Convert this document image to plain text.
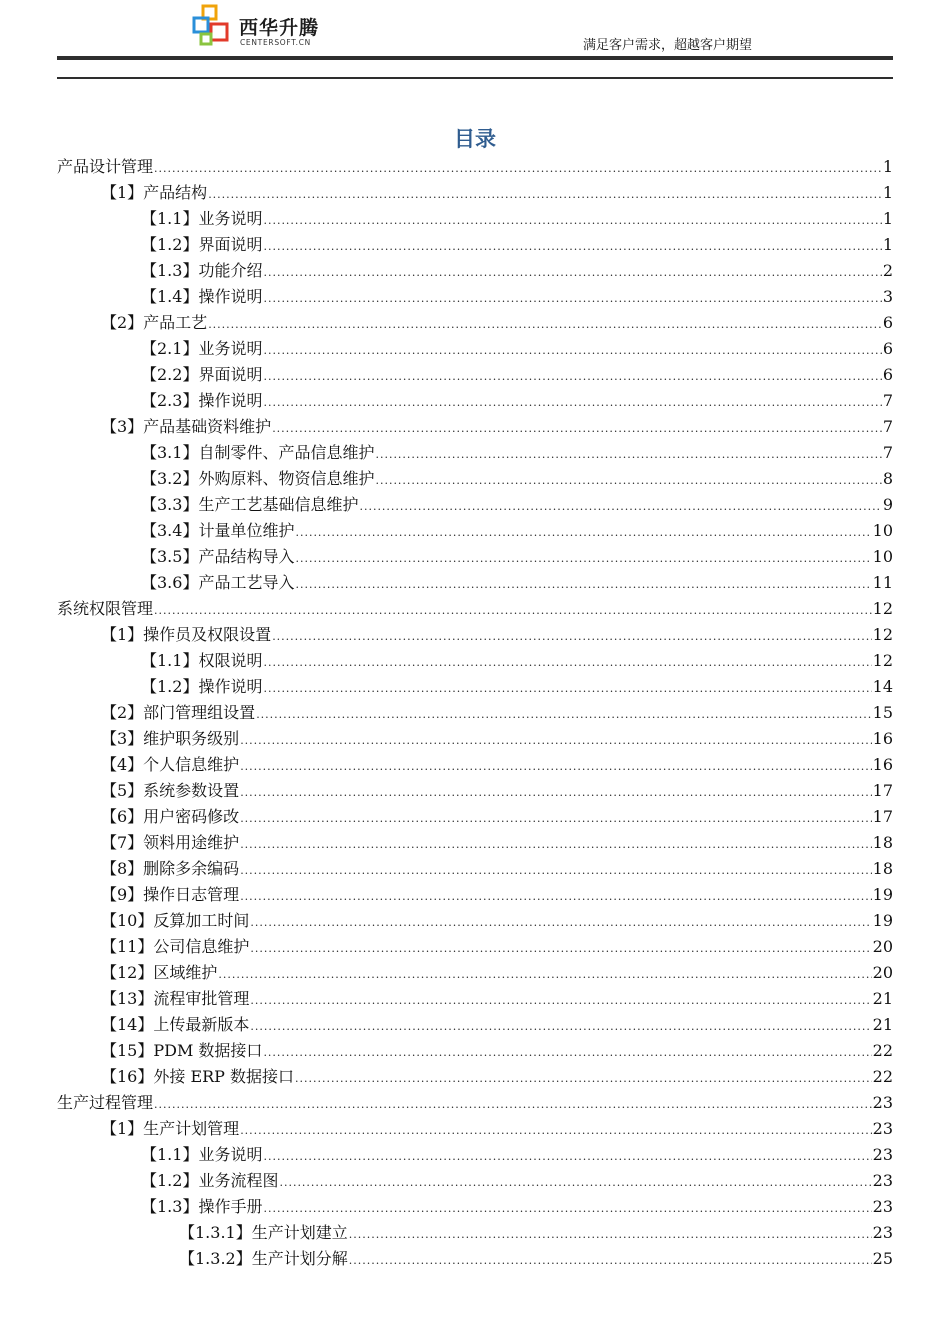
西华升腾
CENTERSOFT.CN	满足客户需求，超越客户期望
目录
产品设计管理 .....	1
【1】产品结构 .....	1
【1.1】业务说明 .....	1
【1.2】界面说明 .....	1
【1.3】功能介绍 .....	2
【1.4】操作说明 .....	3
【2】产品工艺 .....	6
【2.1】业务说明 .....	6
【2.2】界面说明 .....	6
【2.3】操作说明 .....	7
【3】产品基础资料维护 .....	7
【3.1】自制零件、产品信息维护 .....	7
【3.2】外购原料、物资信息维护 .....	8
【3.3】生产工艺基础信息维护 .....	9
【3.4】计量单位维护 .....	10
【3.5】产品结构导入 .....	10
【3.6】产品工艺导入 .....	11
系统权限管理 .....	12
【1】操作员及权限设置 .....	12
【1.1】权限说明 .....	12
【1.2】操作说明 .....	14
【2】部门管理组设置 .....	15
【3】维护职务级别 .....	16
【4】个人信息维护 .....	16
【5】系统参数设置 .....	17
【6】用户密码修改 .....	17
【7】领料用途维护 .....	18
【8】删除多余编码 .....	18
【9】操作日志管理 .....	19
【10】反算加工时间 .....	19
【11】公司信息维护 .....	20
【12】区域维护 .....	20
【13】流程审批管理 .....	21
【14】上传最新版本 .....	21
【15】PDM 数据接口 .....	22
【16】外接 ERP 数据接口 .....	22
生产过程管理 .....	23
【1】生产计划管理 .....	23
【1.1】业务说明 .....	23
【1.2】业务流程图 .....	23
【1.3】操作手册 .....	23
【1.3.1】生产计划建立 .....	23
【1.3.2】生产计划分解 .....	25
